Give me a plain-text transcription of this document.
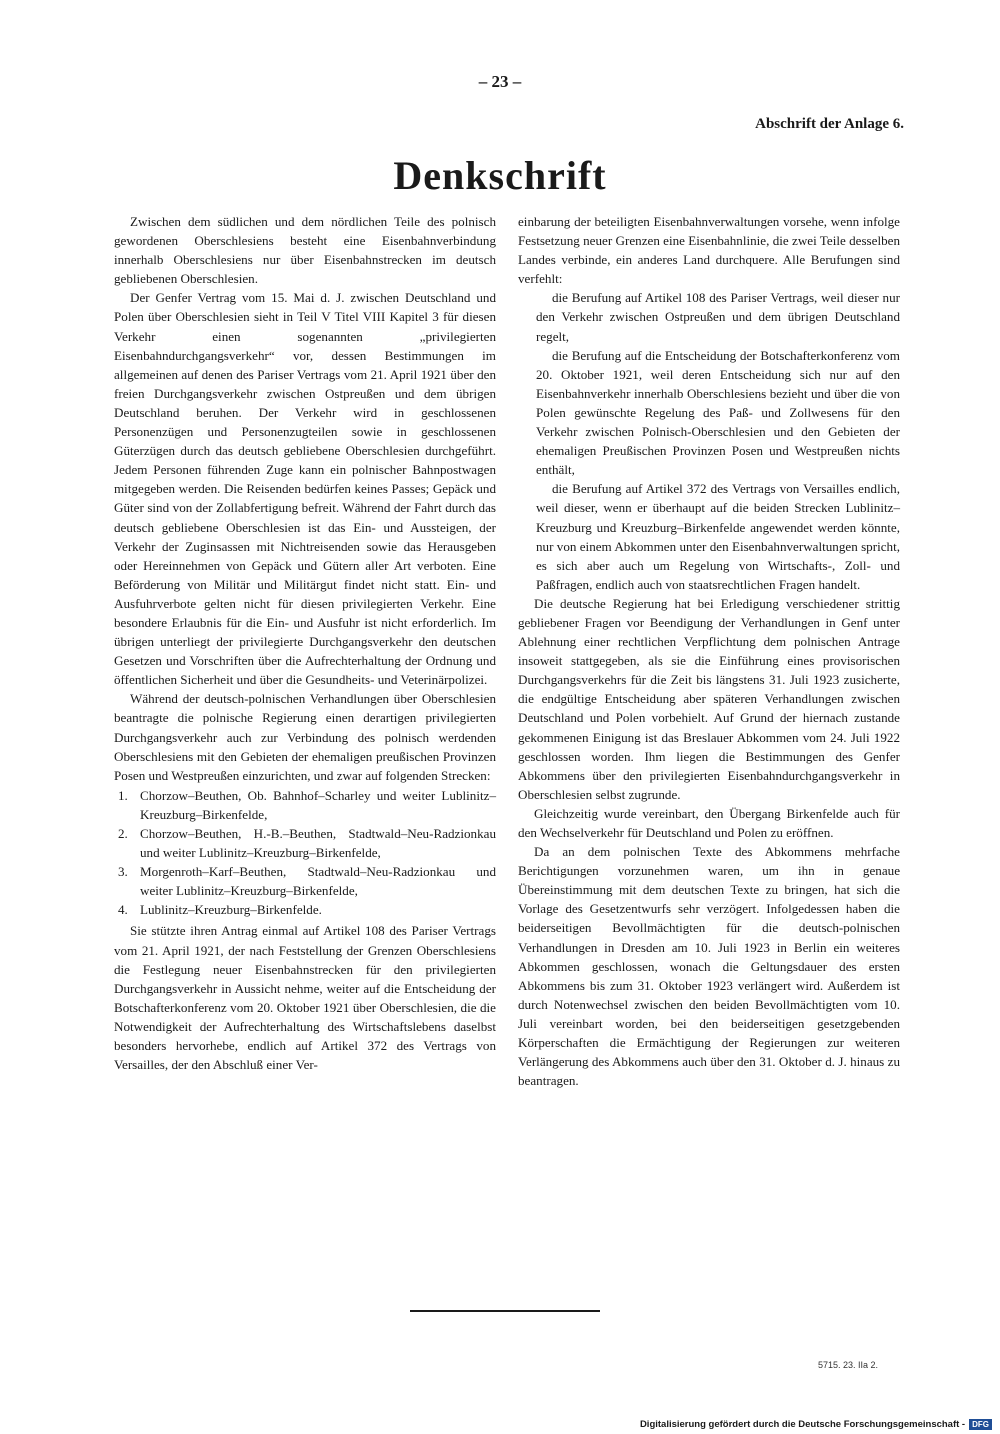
– 23 –
Abschrift der Anlage 6.
Denkschrift

Zwischen dem südlichen und dem nördlichen Teile des polnisch gewordenen Oberschlesiens besteht eine Eisenbahnverbindung innerhalb Oberschlesiens nur über Eisenbahnstrecken im deutsch gebliebenen Oberschlesien.

Der Genfer Vertrag vom 15. Mai d. J. zwischen Deutschland und Polen über Oberschlesien sieht in Teil V Titel VIII Kapitel 3 für diesen Verkehr einen sogenannten „privilegierten Eisenbahndurchgangsverkehr“ vor, dessen Bestimmungen im allgemeinen auf denen des Pariser Vertrags vom 21. April 1921 über den freien Durchgangsverkehr zwischen Ostpreußen und dem übrigen Deutschland beruhen. Der Verkehr wird in geschlossenen Personenzügen und Personenzugteilen sowie in geschlossenen Güterzügen durch das deutsch gebliebene Oberschlesien durchgeführt. Jedem Personen führenden Zuge kann ein polnischer Bahnpostwagen mitgegeben werden. Die Reisenden bedürfen keines Passes; Gepäck und Güter sind von der Zollabfertigung befreit. Während der Fahrt durch das deutsch gebliebene Oberschlesien ist das Ein- und Aussteigen, der Verkehr der Zuginsassen mit Nichtreisenden sowie das Herausgeben oder Hereinnehmen von Gepäck und Gütern aller Art verboten. Eine Beförderung von Militär und Militärgut findet nicht statt. Ein- und Ausfuhrverbote gelten nicht für diesen privilegierten Verkehr. Eine besondere Erlaubnis für die Ein- und Ausfuhr ist nicht erforderlich. Im übrigen unterliegt der privilegierte Durchgangsverkehr den deutschen Gesetzen und Vorschriften über die Aufrechterhaltung der Ordnung und öffentlichen Sicherheit und über die Gesundheits- und Veterinärpolizei.

Während der deutsch-polnischen Verhandlungen über Oberschlesien beantragte die polnische Regierung einen derartigen privilegierten Durchgangsverkehr auch zur Verbindung des polnisch werdenden Oberschlesiens mit den Gebieten der ehemaligen preußischen Provinzen Posen und Westpreußen einzurichten, und zwar auf folgenden Strecken:

1. Chorzow–Beuthen, Ob. Bahnhof–Scharley und weiter Lublinitz–Kreuzburg–Birkenfelde,
2. Chorzow–Beuthen, H.-B.–Beuthen, Stadtwald–Neu-Radzionkau und weiter Lublinitz–Kreuzburg–Birkenfelde,
3. Morgenroth–Karf–Beuthen, Stadtwald–Neu-Radzionkau und weiter Lublinitz–Kreuzburg–Birkenfelde,
4. Lublinitz–Kreuzburg–Birkenfelde.

Sie stützte ihren Antrag einmal auf Artikel 108 des Pariser Vertrags vom 21. April 1921, der nach Feststellung der Grenzen Oberschlesiens die Festlegung neuer Eisenbahnstrecken für den privilegierten Durchgangsverkehr in Aussicht nehme, weiter auf die Entscheidung der Botschafterkonferenz vom 20. Oktober 1921 über Oberschlesien, die die Notwendigkeit der Aufrechterhaltung des Wirtschaftslebens daselbst besonders hervorhebe, endlich auf Artikel 372 des Vertrags von Versailles, der den Abschluß einer Ver-

einbarung der beteiligten Eisenbahnverwaltungen vorsehe, wenn infolge Festsetzung neuer Grenzen eine Eisenbahnlinie, die zwei Teile desselben Landes verbinde, ein anderes Land durchquere. Alle Berufungen sind verfehlt:

die Berufung auf Artikel 108 des Pariser Vertrags, weil dieser nur den Verkehr zwischen Ostpreußen und dem übrigen Deutschland regelt,

die Berufung auf die Entscheidung der Botschafterkonferenz vom 20. Oktober 1921, weil deren Entscheidung sich nur auf den Eisenbahnverkehr innerhalb Oberschlesiens bezieht und über die von Polen gewünschte Regelung des Paß- und Zollwesens für den Verkehr zwischen Polnisch-Oberschlesien und den Gebieten der ehemaligen Preußischen Provinzen Posen und Westpreußen nichts enthält,

die Berufung auf Artikel 372 des Vertrags von Versailles endlich, weil dieser, wenn er überhaupt auf die beiden Strecken Lublinitz–Kreuzburg und Kreuzburg–Birkenfelde angewendet werden könnte, nur von einem Abkommen unter den Eisenbahnverwaltungen spricht, es sich aber auch um Regelung von Wirtschafts-, Zoll- und Paßfragen, endlich auch von staatsrechtlichen Fragen handelt.

Die deutsche Regierung hat bei Erledigung verschiedener strittig gebliebener Fragen vor Beendigung der Verhandlungen in Genf unter Ablehnung einer rechtlichen Verpflichtung dem polnischen Antrage insoweit stattgegeben, als sie die Einführung eines provisorischen Durchgangsverkehrs für die Zeit bis längstens 31. Juli 1923 zusicherte, die endgültige Entscheidung aber späteren Verhandlungen zwischen Deutschland und Polen vorbehielt. Auf Grund der hiernach zustande gekommenen Einigung ist das Breslauer Abkommen vom 24. Juli 1922 geschlossen worden. Ihm liegen die Bestimmungen des Genfer Abkommens über den privilegierten Eisenbahndurchgangsverkehr in Oberschlesien selbst zugrunde.

Gleichzeitig wurde vereinbart, den Übergang Birkenfelde auch für den Wechselverkehr für Deutschland und Polen zu eröffnen.

Da an dem polnischen Texte des Abkommens mehrfache Berichtigungen vorzunehmen waren, um ihn in genaue Übereinstimmung mit dem deutschen Texte zu bringen, hat sich die Vorlage des Gesetzentwurfs sehr verzögert. Infolgedessen haben die beiderseitigen Bevollmächtigten für die deutsch-polnischen Verhandlungen in Dresden am 10. Juli 1923 in Berlin ein weiteres Abkommen geschlossen, wonach die Geltungsdauer des ersten Abkommens bis zum 31. Oktober 1923 verlängert wird. Außerdem ist durch Notenwechsel zwischen den beiden Bevollmächtigten vom 10. Juli vereinbart worden, bei den beiderseitigen gesetzgebenden Körperschaften die Ermächtigung der Regierungen zur weiteren Verlängerung des Abkommens auch über den 31. Oktober d. J. hinaus zu beantragen.

5715. 23. IIa 2.
Digitalisierung gefördert durch die Deutsche Forschungsgemeinschaft - DFG
